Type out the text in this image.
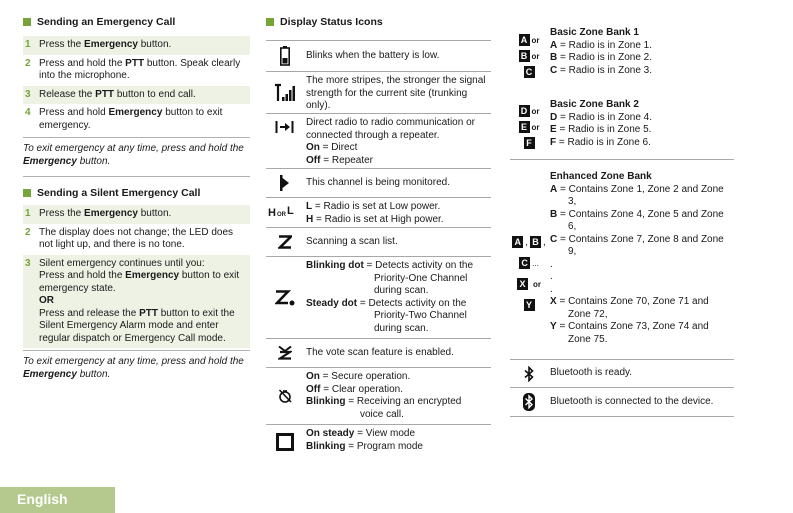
Sending an Emergency Call
1 Press the Emergency button.
2 Press and hold the PTT button. Speak clearly into the microphone.
3 Release the PTT button to end call.
4 Press and hold Emergency button to exit emergency.
To exit emergency at any time, press and hold the Emergency button.
Sending a Silent Emergency Call
1 Press the Emergency button.
2 The display does not change; the LED does not light up, and there is no tone.
3 Silent emergency continues until you:
Press and hold the Emergency button to exit emergency state.
OR
Press and release the PTT button to exit the Silent Emergency Alarm mode and enter regular dispatch or Emergency Call mode.
To exit emergency at any time, press and hold the Emergency button.
Display Status Icons
Blinks when the battery is low.
The more stripes, the stronger the signal strength for the current site (trunking only).
Direct radio to radio communication or connected through a repeater.
On = Direct
Off = Repeater
This channel is being monitored.
H OR L L = Radio is set at Low power.
H = Radio is set at High power.
Scanning a scan list.
Blinking dot = Detects activity on the

Priority-One Channel
during scan.
Steady dot = Detects activity on the

Priority-Two Channel
during scan.
The vote scan feature is enabled.
On = Secure operation.
Off = Clear operation.
Blinking = Receiving an encrypted

voice call.
On steady = View mode
Blinking = Program mode
A or
B or
C
Basic Zone Bank 1
A = Radio is in Zone 1.
B = Radio is in Zone 2.
C = Radio is in Zone 3.
D or
E or
F
Basic Zone Bank 2
D = Radio is in Zone 4.
E = Radio is in Zone 5.
F = Radio is in Zone 6.
A , B ,
C ...
X or
Y
Enhanced Zone Bank
A = Contains Zone 1, Zone 2 and Zone
3,
B = Contains Zone 4, Zone 5 and Zone
6,
C = Contains Zone 7, Zone 8 and Zone
9,
.
.
.
X = Contains Zone 70, Zone 71 and
Zone 72,
Y = Contains Zone 73, Zone 74 and
Zone 75.
Bluetooth is ready.
Bluetooth is connected to the device.
English
